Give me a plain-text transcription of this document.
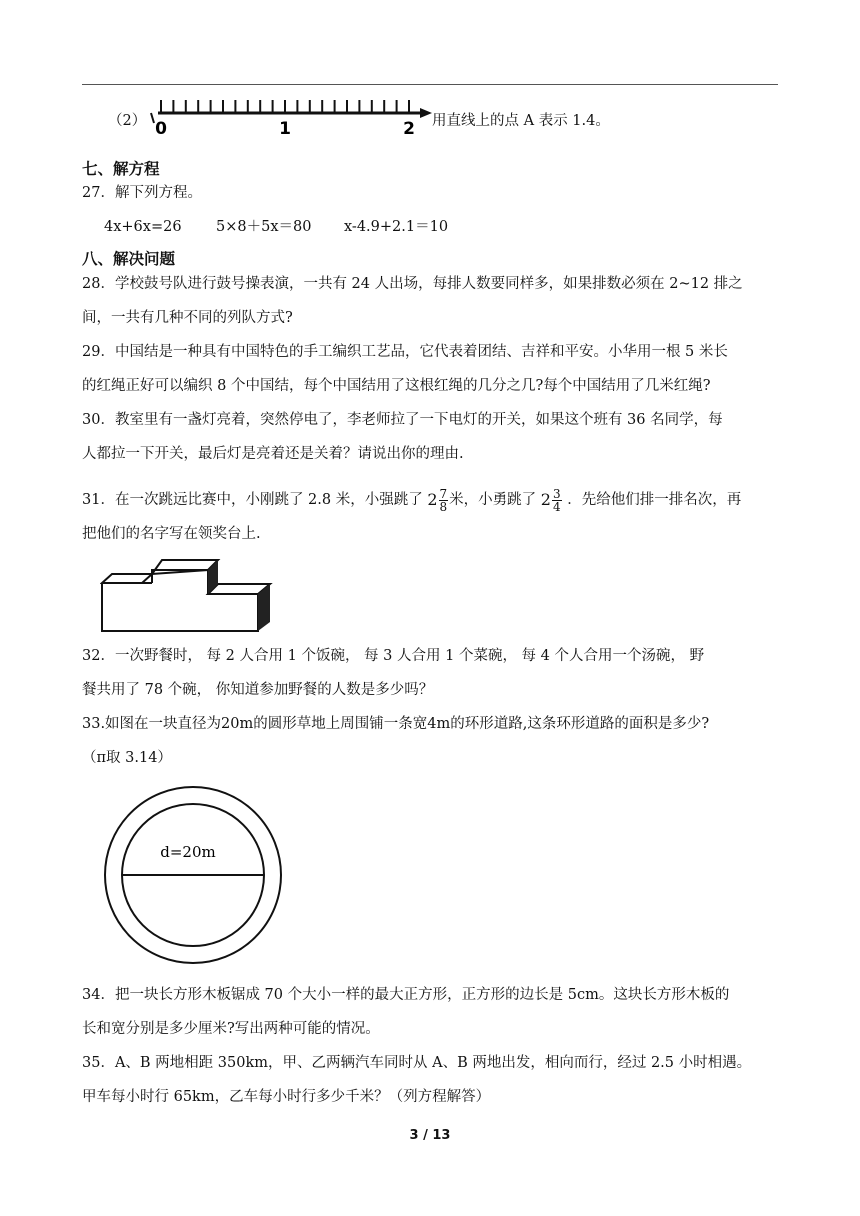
（2） 0	1	2 用直线上的点 A 表示 1.4。
七、解方程
27．解下列方程。
4x+6x=26 5×8＋5x＝80 x-4.9+2.1＝10
八、解决问题
28．学校鼓号队进行鼓号操表演，一共有 24 人出场，每排人数要同样多，如果排数必须在 2~12 排之
间，一共有几种不同的列队方式?
29．中国结是一种具有中国特色的手工编织工艺品，它代表着团结、吉祥和平安。小华用一根 5 米长
的红绳正好可以编织 8 个中国结，每个中国结用了这根红绳的几分之几?每个中国结用了几米红绳?
30．教室里有一盏灯亮着，突然停电了，李老师拉了一下电灯的开关，如果这个班有 36 名同学，每
人都拉一下开关，最后灯是亮着还是关着？请说出你的理由.
31．在一次跳远比赛中，小刚跳了 2.8 米，小强跳了 $2 \frac{7}{8}$ 米，小勇跳了 $2 \frac{3}{4}$ ．先给他们排一排名次，再
把他们的名字写在领奖台上.
32．一次野餐时， 每 2 人合用 1 个饭碗， 每 3 人合用 1 个菜碗， 每 4 个人合用一个汤碗， 野
餐共用了 78 个碗， 你知道参加野餐的人数是多少吗？
33.如图在一块直径为20m的圆形草地上周围铺一条宽4m的环形道路,这条环形道路的面积是多少?
（π取 3.14）
d=20m
34．把一块长方形木板锯成 70 个大小一样的最大正方形，正方形的边长是 5cm。这块长方形木板的
长和宽分别是多少厘米?写出两种可能的情况。
35．A、B 两地相距 350km，甲、乙两辆汽车同时从 A、B 两地出发，相向而行，经过 2.5 小时相遇。
甲车每小时行 65km，乙车每小时行多少千米？（列方程解答）
3 / 13
